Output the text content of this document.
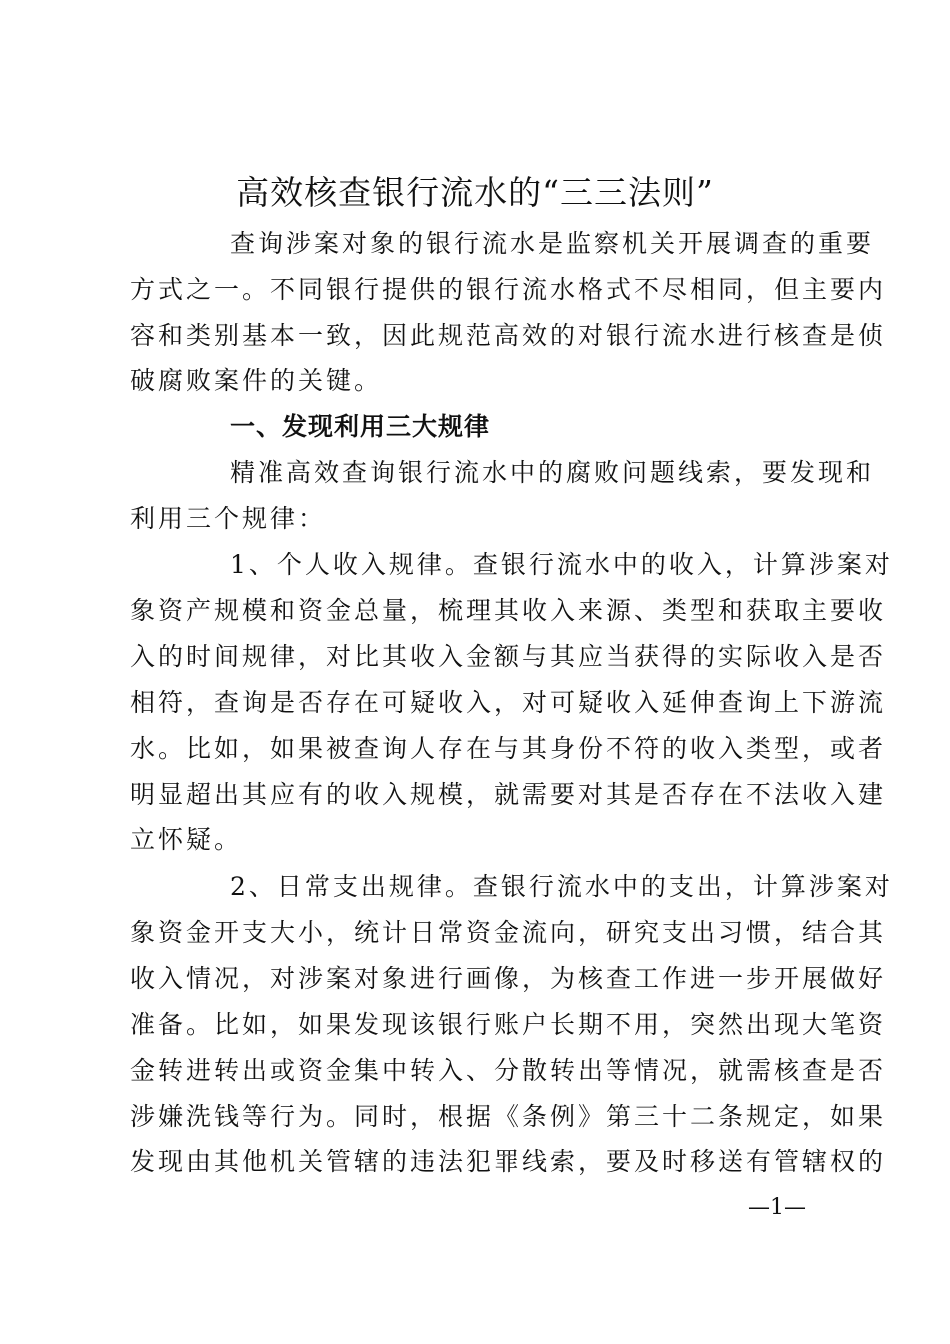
高效核查银行流水的“三三法则”
查询涉案对象的银行流水是监察机关开展调查的重要
方式之一。不同银行提供的银行流水格式不尽相同，但主要内
容和类别基本一致，因此规范高效的对银行流水进行核查是侦
破腐败案件的关键。
一、发现利用三大规律
精准高效查询银行流水中的腐败问题线索，要发现和
利用三个规律：
1、个人收入规律。查银行流水中的收入，计算涉案对
象资产规模和资金总量，梳理其收入来源、类型和获取主要收
入的时间规律，对比其收入金额与其应当获得的实际收入是否
相符，查询是否存在可疑收入，对可疑收入延伸查询上下游流
水。比如，如果被查询人存在与其身份不符的收入类型，或者
明显超出其应有的收入规模，就需要对其是否存在不法收入建
立怀疑。
2、日常支出规律。查银行流水中的支出，计算涉案对
象资金开支大小，统计日常资金流向，研究支出习惯，结合其
收入情况，对涉案对象进行画像，为核查工作进一步开展做好
准备。比如，如果发现该银行账户长期不用，突然出现大笔资
金转进转出或资金集中转入、分散转出等情况，就需核查是否
涉嫌洗钱等行为。同时，根据《条例》第三十二条规定，如果
发现由其他机关管辖的违法犯罪线索，要及时移送有管辖权的
—1—
